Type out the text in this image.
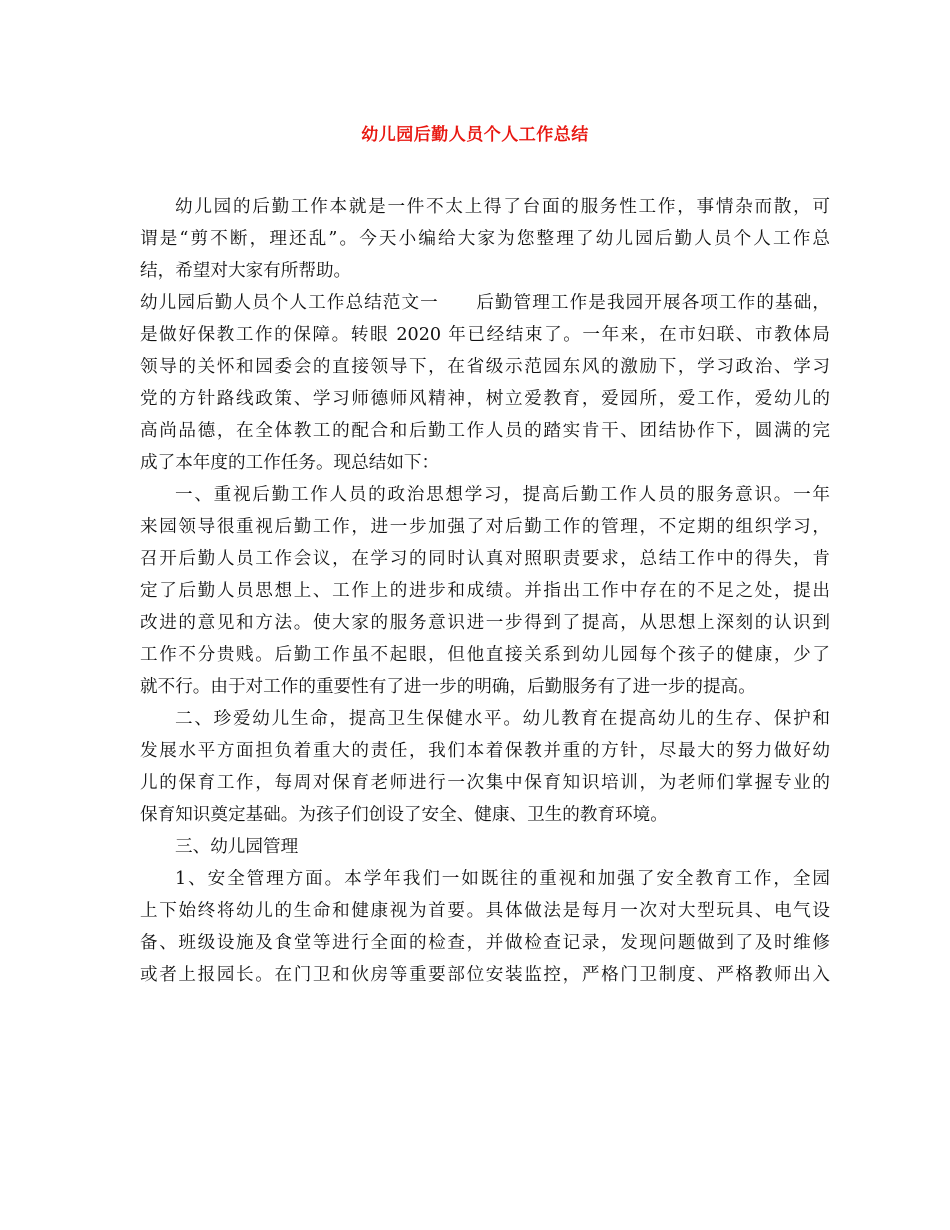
幼儿园后勤人员个人工作总结
幼儿园的后勤工作本就是一件不太上得了台面的服务性工作，事情杂而散，可
谓是“剪不断，理还乱”。今天小编给大家为您整理了幼儿园后勤人员个人工作总
结，希望对大家有所帮助。
幼儿园后勤人员个人工作总结范文一　　后勤管理工作是我园开展各项工作的基础，
是做好保教工作的保障。转眼 2020 年已经结束了。一年来，在市妇联、市教体局
领导的关怀和园委会的直接领导下，在省级示范园东风的激励下，学习政治、学习
党的方针路线政策、学习师德师风精神，树立爱教育，爱园所，爱工作，爱幼儿的
高尚品德，在全体教工的配合和后勤工作人员的踏实肯干、团结协作下，圆满的完
成了本年度的工作任务。现总结如下：
一、重视后勤工作人员的政治思想学习，提高后勤工作人员的服务意识。一年
来园领导很重视后勤工作，进一步加强了对后勤工作的管理，不定期的组织学习，
召开后勤人员工作会议，在学习的同时认真对照职责要求，总结工作中的得失，肯
定了后勤人员思想上、工作上的进步和成绩。并指出工作中存在的不足之处，提出
改进的意见和方法。使大家的服务意识进一步得到了提高，从思想上深刻的认识到
工作不分贵贱。后勤工作虽不起眼，但他直接关系到幼儿园每个孩子的健康，少了
就不行。由于对工作的重要性有了进一步的明确，后勤服务有了进一步的提高。
二、珍爱幼儿生命，提高卫生保健水平。幼儿教育在提高幼儿的生存、保护和
发展水平方面担负着重大的责任，我们本着保教并重的方针，尽最大的努力做好幼
儿的保育工作，每周对保育老师进行一次集中保育知识培训，为老师们掌握专业的
保育知识奠定基础。为孩子们创设了安全、健康、卫生的教育环境。
三、幼儿园管理
1、安全管理方面。本学年我们一如既往的重视和加强了安全教育工作，全园
上下始终将幼儿的生命和健康视为首要。具体做法是每月一次对大型玩具、电气设
备、班级设施及食堂等进行全面的检查，并做检查记录，发现问题做到了及时维修
或者上报园长。在门卫和伙房等重要部位安装监控，严格门卫制度、严格教师出入
